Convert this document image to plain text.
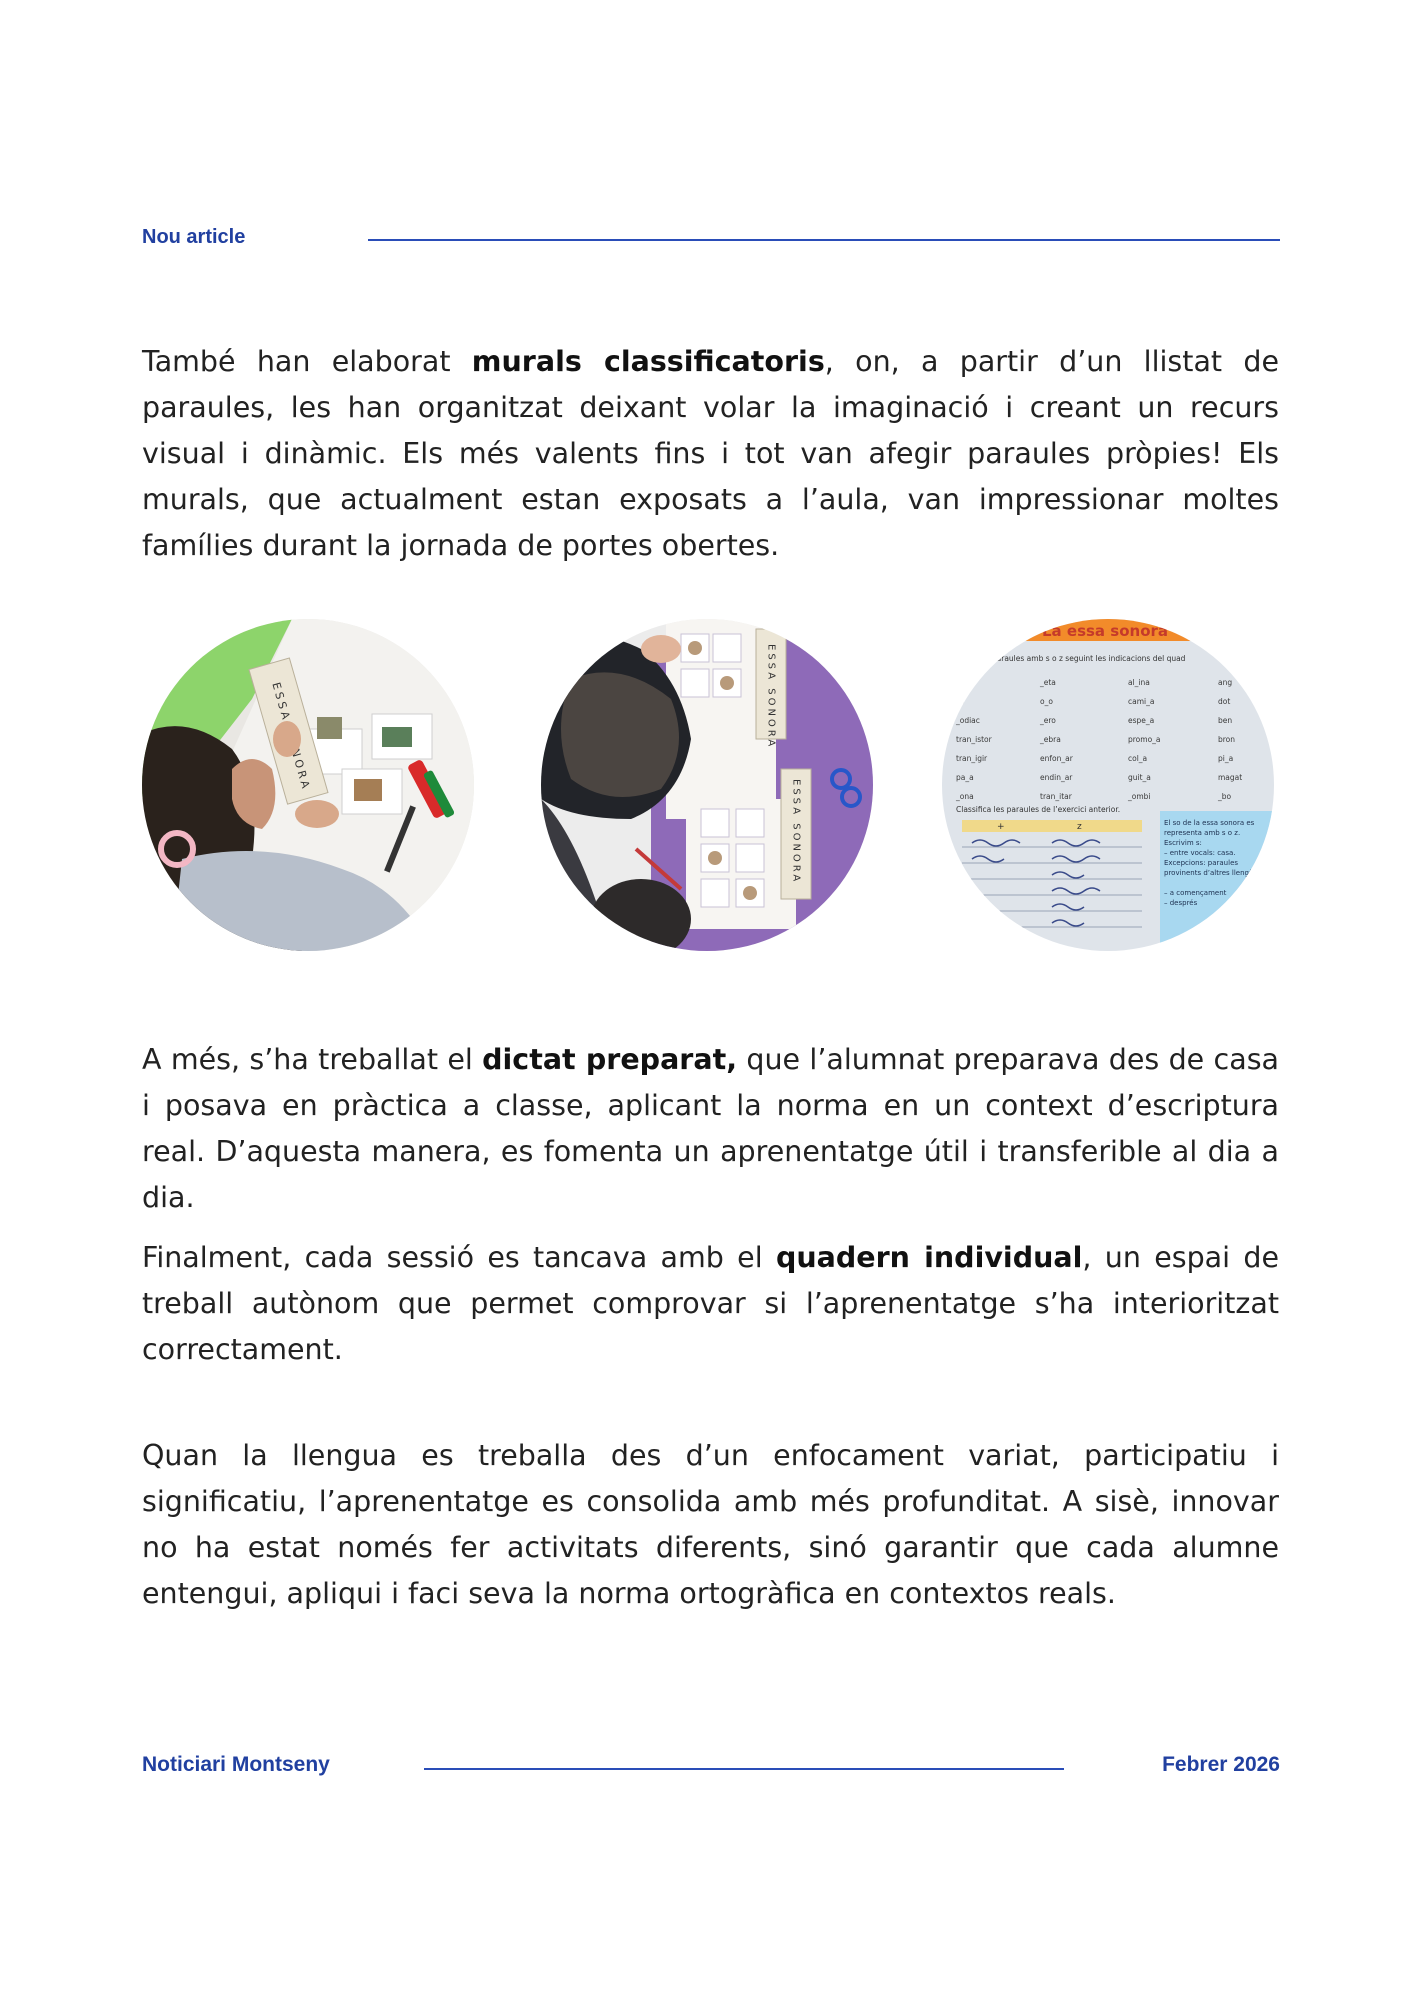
Nou article

També han elaborat murals classificatoris, on, a partir d’un llistat de paraules, les han organitzat deixant volar la imaginació i creant un recurs visual i dinàmic. Els més valents fins i tot van afegir paraules pròpies! Els murals, que actualment estan exposats a l’aula, van impressionar moltes famílies durant la jornada de portes obertes.

ESSA SONORA
ESSA SONORA
ESSA SONORA
La essa sonora
questes paraules amb s o z seguint les indicacions del quad
_a	_eta	al_ina	ang
_o	o_o	cami_a	dot
_odiac	_ero	espe_a	ben
tran_istor	_ebra	promo_a	bron
tran_igir	enfon_ar	col_a	pi_a
pa_a	endin_ar	guit_a	magat
_ona	tran_itar	_ombi	_bo
Classifica les paraules de l’exercici anterior.
+	z	El so de la essa sonora es
representa amb s o z.
Escrivim s:
– entre vocals: casa.
Excepcions: paraules
provinents d’altres llengües
– a començament
– després

A més, s’ha treballat el dictat preparat, que l’alumnat preparava des de casa i posava en pràctica a classe, aplicant la norma en un context d’escriptura real. D’aquesta manera, es fomenta un aprenentatge útil i transferible al dia a dia.

Finalment, cada sessió es tancava amb el quadern individual, un espai de treball autònom que permet comprovar si l’aprenentatge s’ha interioritzat correctament.

Quan la llengua es treballa des d’un enfocament variat, participatiu i significatiu, l’aprenentatge es consolida amb més profunditat. A sisè, innovar no ha estat només fer activitats diferents, sinó garantir que cada alumne entengui, apliqui i faci seva la norma ortogràfica en contextos reals.

Noticiari Montseny	Febrer 2026
